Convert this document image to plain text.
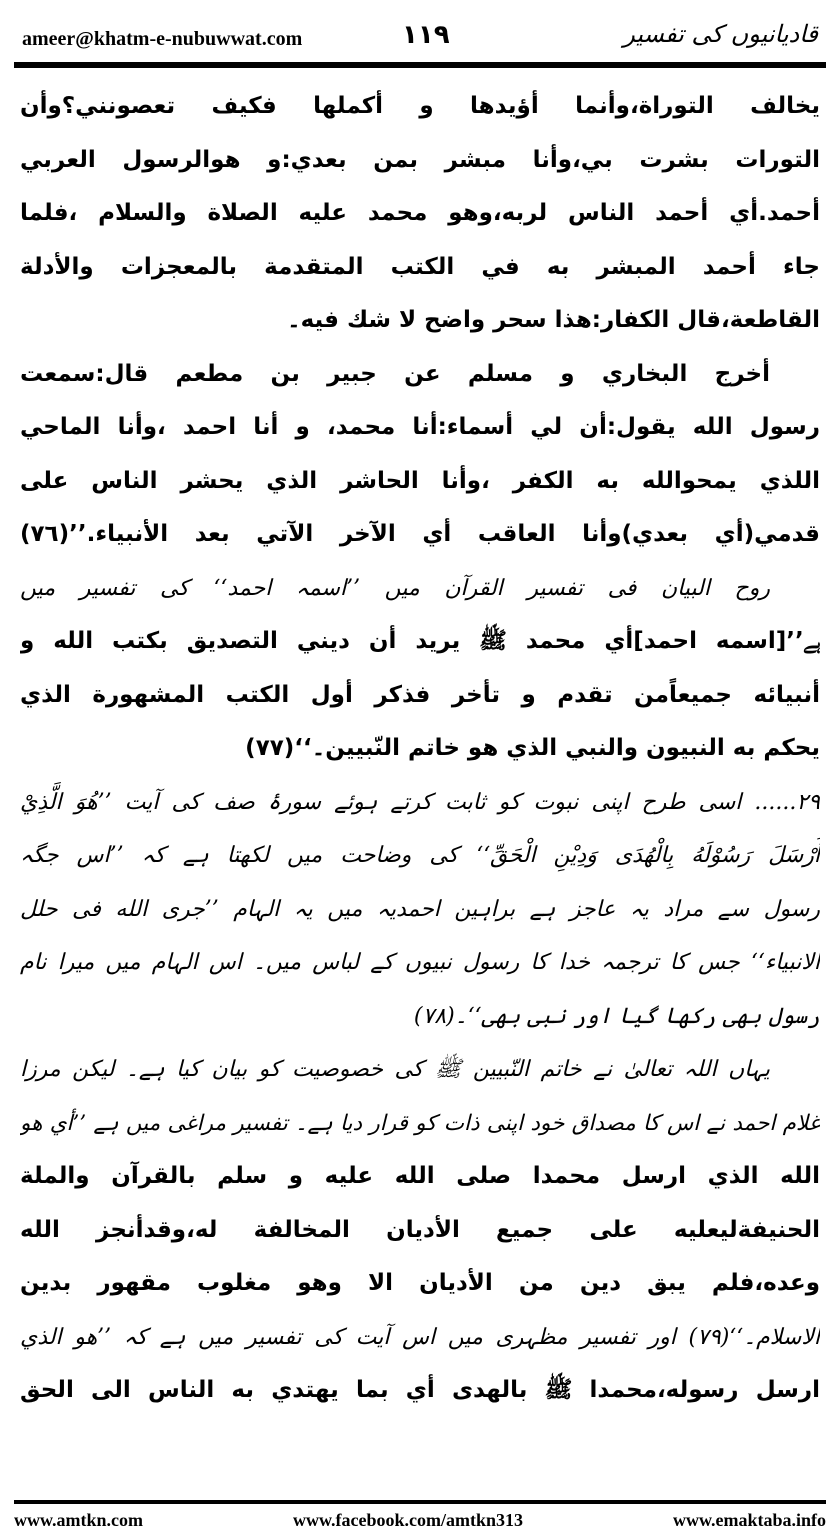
ameer@khatm-e-nubuwwat.com	١١٩	قادیانیوں کی تفسیر
يخالف التوراة،وأنما أؤيدها و أكملها فكيف تعصونني؟وأن
التورات بشرت بي،وأنا مبشر بمن بعدي:و هوالرسول العربي
أحمد.أي أحمد الناس لربه،وهو محمد عليه الصلاة والسلام ،فلما
جاء أحمد المبشر به في الكتب المتقدمة بالمعجزات والأدلة
القاطعة،قال الكفار:هذا سحر واضح لا شك فيه۔
أخرج البخاري و مسلم عن جبير بن مطعم قال:سمعت
رسول الله يقول:أن لي أسماء:أنا محمد، و أنا احمد ،وأنا الماحي
اللذي يمحوالله به الكفر ،وأنا الحاشر الذي يحشر الناس على
قدمي(أي بعدي)وأنا العاقب أي الآخر الآتي بعد الأنبياء.’’(٧٦)
روح البیان فی تفسیر القرآن میں ’’اسمہ احمد‘‘ کی تفسیر میں
ہے’’[اسمه احمد]أي محمد ﷺ يريد أن ديني التصديق بكتب الله و
أنبيائه جميعاًمن تقدم و تأخر فذكر أول الكتب المشهورة الذي
يحكم به النبيون والنبي الذي هو خاتم النّبيين۔‘‘(٧٧)
۲۹...... اسی طرح اپنی نبوت کو ثابت کرتے ہوئے سورۂ صف کی آیت ’’هُوَ الَّذِيْ
أَرْسَلَ رَسُوْلَهُ بِالْهُدَى وَدِيْنِ الْحَقِّ‘‘ کی وضاحت میں لکھتا ہے کہ ’’اس جگہ
رسول سے مراد یہ عاجز ہے براہین احمدیہ میں یہ الہام ’’جری الله فی حلل
الانبیاء‘‘ جس کا ترجمہ خدا کا رسول نبیوں کے لباس میں۔ اس الہام میں میرا نام
رسول بھی رکھا گیا اور نبی بھی‘‘۔(۷۸)
یہاں اللہ تعالیٰ نے خاتم النّبیین ﷺ کی خصوصیت کو بیان کیا ہے۔ لیکن مرزا
غلام احمد نے اس کا مصداق خود اپنی ذات کو قرار دیا ہے۔ تفسیر مراغی میں ہے ’’أي هو
الله الذي ارسل محمدا صلى الله عليه و سلم بالقرآن والملة
الحنيفةليعليه على جميع الأديان المخالفة له،وقدأنجز الله
وعده،فلم يبق دين من الأديان الا وهو مغلوب مقهور بدين
الاسلام۔‘‘(۷۹) اور تفسیر مظہری میں اس آیت کی تفسیر میں ہے کہ ’’هو الذي
ارسل رسوله،محمدا ﷺ بالهدى أي بما يهتدي به الناس الى الحق
www.amtkn.com	www.facebook.com/amtkn313	www.emaktaba.info
